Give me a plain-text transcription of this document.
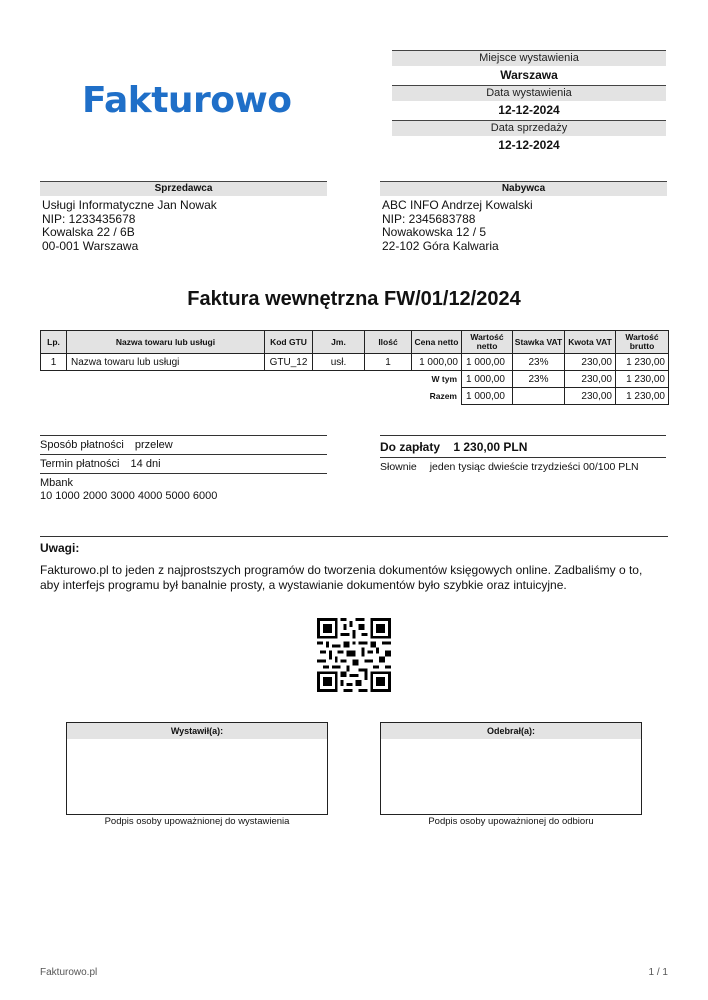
Fakturowo
Miejsce wystawienia
Warszawa
Data wystawienia
12-12-2024
Data sprzedaży
12-12-2024
Sprzedawca
Usługi Informatyczne Jan Nowak
NIP: 1233435678
Kowalska 22 / 6B
00-001 Warszawa
Nabywca
ABC INFO Andrzej Kowalski
NIP: 2345683788
Nowakowska 12 / 5
22-102 Góra Kalwaria
Faktura wewnętrzna FW/01/12/2024
Lp.	Nazwa towaru lub usługi	Kod GTU	Jm.	Ilość	Cena netto	Wartość netto	Stawka VAT	Kwota VAT	Wartość brutto
1	Nazwa towaru lub usługi	GTU_12	usł.	1	1 000,00	1 000,00	23%	230,00	1 230,00
					W tym	1 000,00	23%	230,00	1 230,00
					Razem	1 000,00		230,00	1 230,00
Sposób płatności przelew
Termin płatności 14 dni
Mbank
10 1000 2000 3000 4000 5000 6000
Do zapłaty 1 230,00 PLN
Słownie jeden tysiąc dwieście trzydzieści 00/100 PLN
Uwagi:
Fakturowo.pl to jeden z najprostszych programów do tworzenia dokumentów księgowych online. Zadbaliśmy o to,
aby interfejs programu był banalnie prosty, a wystawianie dokumentów było szybkie oraz intuicyjne.
Wystawił(a):
Podpis osoby upoważnionej do wystawienia
Odebrał(a):
Podpis osoby upoważnionej do odbioru
Fakturowo.pl	1 / 1
